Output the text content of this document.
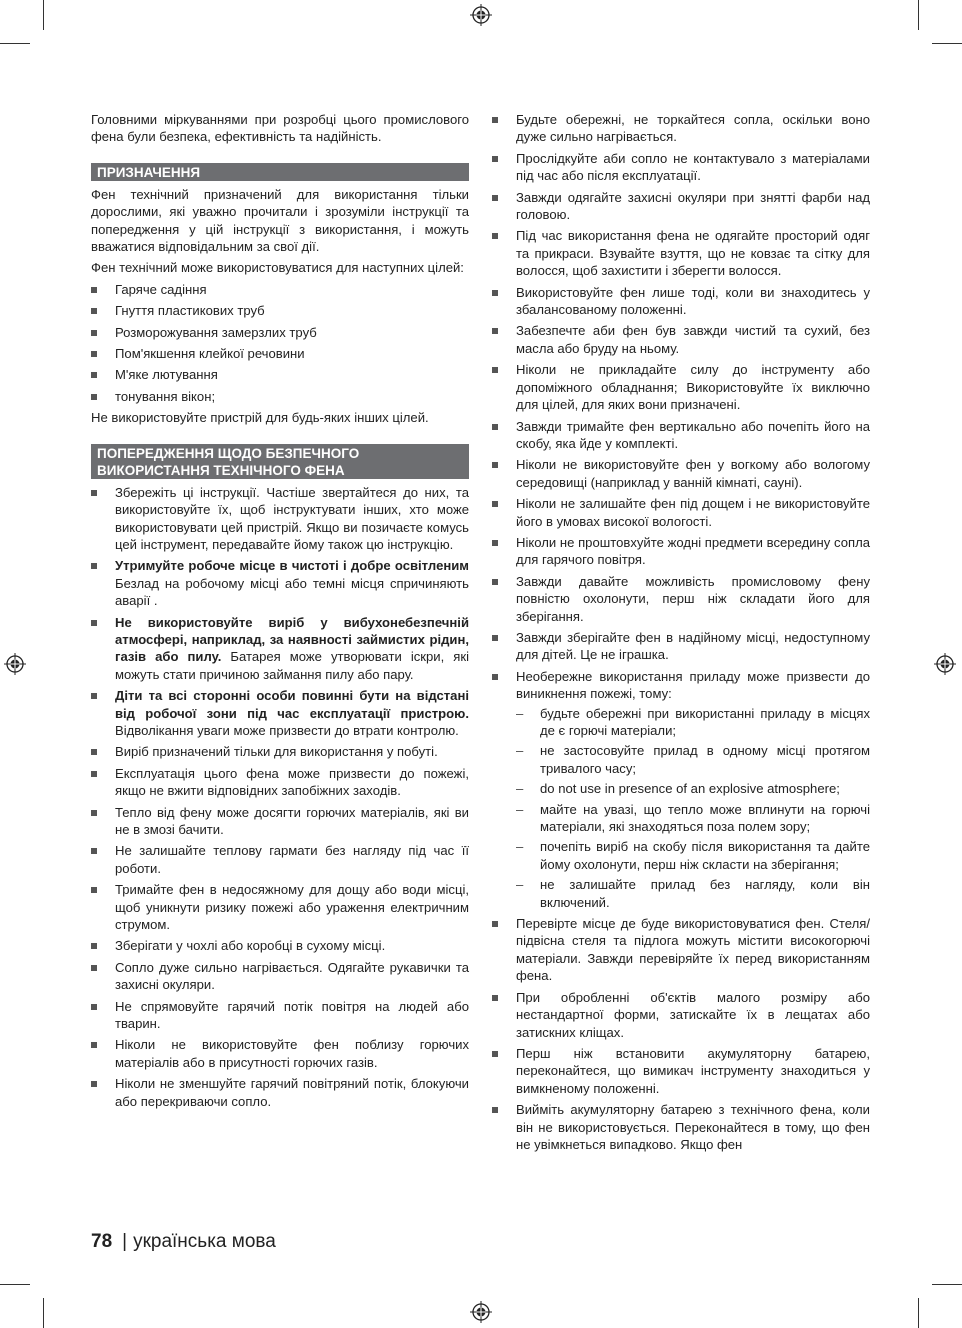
Головними міркуваннями при розробці цього промислового фена були безпека, ефективність та надійність.

ПРИЗНАЧЕННЯ

Фен технічний призначений для використання тільки дорослими, які уважно прочитали і зрозуміли інструкції та попередження у цій інструкції з використання, і можуть вважатися відповідальним за свої дії.

Фен технічний може використовуватися для наступних цілей:

Гаряче садіння
Гнуття пластикових труб
Розморожування замерзлих труб
Пом'якшення клейкої речовини
М'яке лютування
тонування вікон;

Не використовуйте пристрій для будь-яких інших цілей.

ПОПЕРЕДЖЕННЯ ЩОДО БЕЗПЕЧНОГО
ВИКОРИСТАННЯ ТЕХНІЧНОГО ФЕНА
Збережіть ці інструкції. Частіше звертайтеся до них, та використовуйте їх, щоб інструктувати інших, хто може використовувати цей пристрій. Якщо ви позичаєте комусь цей інструмент, передавайте йому також цю інструкцію.
Утримуйте робоче місце в чистоті і добре освітленим Безлад на робочому місці або темні місця спричиняють аварії .
Не використовуйте виріб у вибухонебезпечній атмосфері, наприклад, за наявності займистих рідин, газів або пилу. Батарея може утворювати іскри, які можуть стати причиною займання пилу або пару.
Діти та всі сторонні особи повинні бути на відстані від робочої зони під час експлуатації пристрою. Відволікання уваги може призвести до втрати контролю.
Виріб призначений тільки для використання у побуті.
Експлуатація цього фена може призвести до пожежі, якщо не вжити відповідних запобіжних заходів.
Тепло від фену може досягти горючих матеріалів, які ви не в змозі бачити.
Не залишайте теплову гармати без нагляду під час її роботи.
Тримайте фен в недосяжному для дощу або води місці, щоб уникнути ризику пожежі або ураження електричним струмом.
Зберігати у чохлі або коробці в сухому місці.
Сопло дуже сильно нагрівається. Одягайте рукавички та захисні окуляри.
Не спрямовуйте гарячий потік повітря на людей або тварин.
Ніколи не використовуйте фен поблизу горючих матеріалів або в присутності горючих газів.
Ніколи не зменшуйте гарячий повітряний потік, блокуючи або перекриваючи сопло.
Будьте обережні, не торкайтеся сопла, оскільки воно дуже сильно нагрівається.
Прослідкуйте аби сопло не контактувало з матеріалами під час або після експлуатації.
Завжди одягайте захисні окуляри при знятті фарби над головою.
Під час використання фена не одягайте просторий одяг та прикраси. Взувайте взуття, що не ковзає та сітку для волосся, щоб захистити і зберегти волосся.
Використовуйте фен лише тоді, коли ви знаходитесь у збалансованому положенні.
Забезпечте аби фен був завжди чистий та сухий, без масла або бруду на ньому.
Ніколи не прикладайте силу до інструменту або допоміжного обладнання; Використовуйте їх виключно для цілей, для яких вони призначені.
Завжди тримайте фен вертикально або почепіть його на скобу, яка йде у комплекті.
Ніколи не використовуйте фен у вогкому або вологому середовищі (наприклад у ванній кімнаті, сауні).
Ніколи не залишайте фен під дощем і не використовуйте його в умовах високої вологості.
Ніколи не проштовхуйте жодні предмети всередину сопла для гарячого повітря.
Завжди давайте можливість промисловому фену повністю охолонути, перш ніж складати його для зберігання.
Завжди зберігайте фен в надійному місці, недоступному для дітей. Це не іграшка.
Необережне використання приладу може призвести до виникнення пожежі, тому:
– будьте обережні при використанні приладу в місцях де є горючі матеріали;
– не застосовуйте прилад в одному місці протягом тривалого часу;
– do not use in presence of an explosive atmosphere;
– майте на увазі, що тепло може вплинути на горючі матеріали, які знаходяться поза полем зору;
– почепіть виріб на скобу після використання та дайте йому охолонути, перш ніж скласти на зберігання;
– не залишайте прилад без нагляду, коли він включений.
Перевірте місце де буде використовуватися фен. Стеля/підвісна стеля та підлога можуть містити високогорючі матеріали. Завжди перевіряйте їх перед використанням фена.
При обробленні об'єктів малого розміру або нестандартної форми, затискайте їх в лещатах або затискних кліщах.
Перш ніж встановити акумуляторну батарею, переконайтеся, що вимикач інструменту знаходиться у вимкненому положенні.
Вийміть акумуляторну батарею з технічного фена, коли він не використовується. Переконайтеся в тому, що фен не увімкнеться випадково. Якщо фен
78 | українська мова
